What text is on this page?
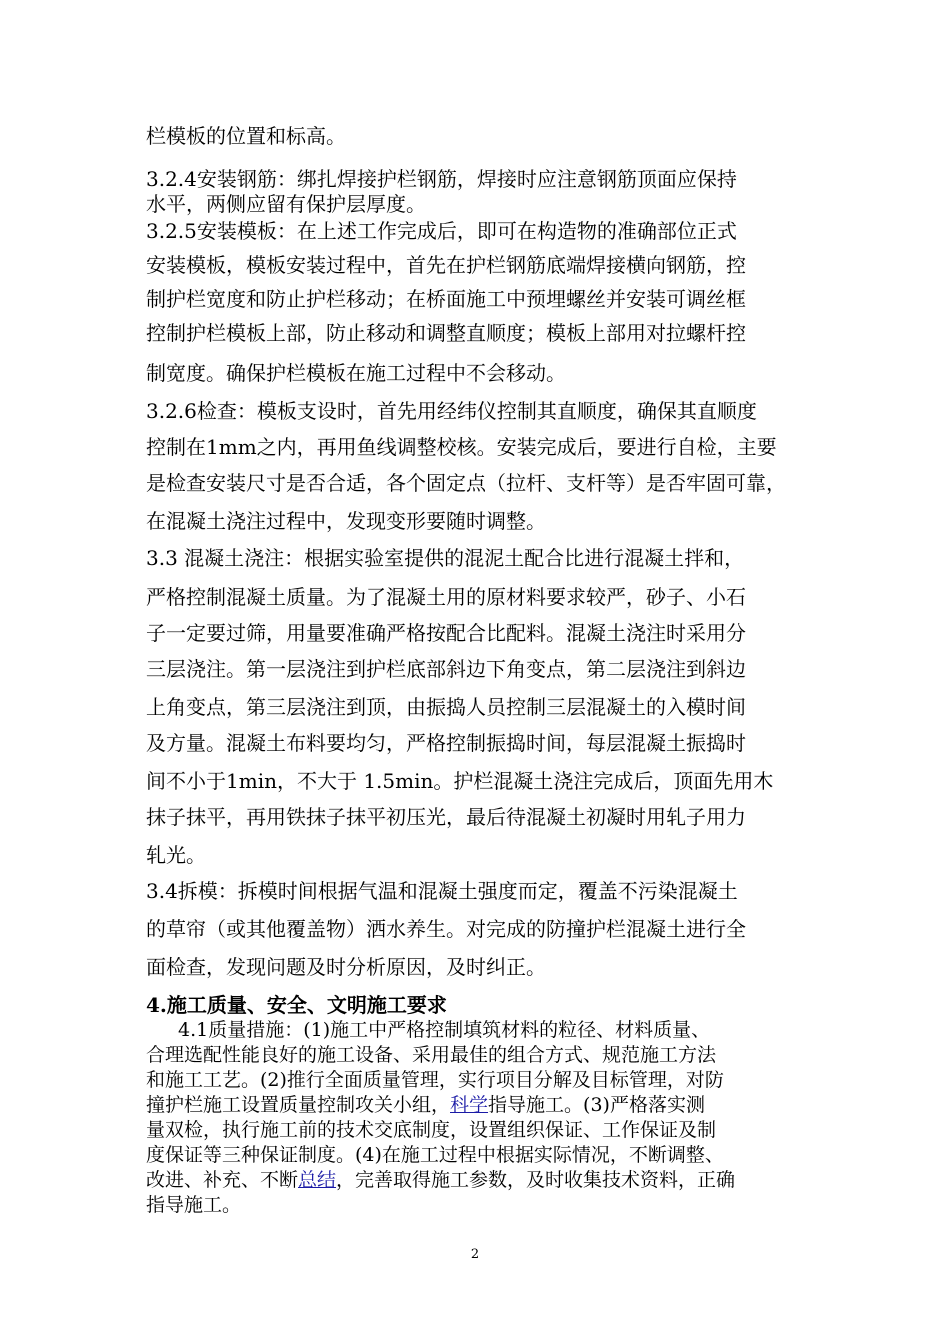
栏模板的位置和标高。
3.2.4安装钢筋：绑扎焊接护栏钢筋，焊接时应注意钢筋顶面应保持
水平，两侧应留有保护层厚度。
3.2.5安装模板：在上述工作完成后，即可在构造物的准确部位正式
安装模板，模板安装过程中，首先在护栏钢筋底端焊接横向钢筋，控
制护栏宽度和防止护栏移动；在桥面施工中预埋螺丝并安装可调丝框
控制护栏模板上部，防止移动和调整直顺度；模板上部用对拉螺杆控
制宽度。确保护栏模板在施工过程中不会移动。
3.2.6检查：模板支设时，首先用经纬仪控制其直顺度，确保其直顺度
控制在1mm之内，再用鱼线调整校核。安装完成后，要进行自检，主要
是检查安装尺寸是否合适，各个固定点（拉杆、支杆等）是否牢固可靠，
在混凝土浇注过程中，发现变形要随时调整。
3.3 混凝土浇注：根据实验室提供的混泥土配合比进行混凝土拌和，
严格控制混凝土质量。为了混凝土用的原材料要求较严，砂子、小石
子一定要过筛，用量要准确严格按配合比配料。混凝土浇注时采用分
三层浇注。第一层浇注到护栏底部斜边下角变点，第二层浇注到斜边
上角变点，第三层浇注到顶，由振捣人员控制三层混凝土的入模时间
及方量。混凝土布料要均匀，严格控制振捣时间，每层混凝土振捣时
间不小于1min，不大于 1.5min。护栏混凝土浇注完成后，顶面先用木
抹子抹平，再用铁抹子抹平初压光，最后待混凝土初凝时用轧子用力
轧光。
3.4拆模：拆模时间根据气温和混凝土强度而定，覆盖不污染混凝土
的草帘（或其他覆盖物）洒水养生。对完成的防撞护栏混凝土进行全
面检查，发现问题及时分析原因，及时纠正。
4.施工质量、安全、文明施工要求
4.1质量措施：(1)施工中严格控制填筑材料的粒径、材料质量、
合理选配性能良好的施工设备、采用最佳的组合方式、规范施工方法
和施工工艺。(2)推行全面质量管理，实行项目分解及目标管理，对防
撞护栏施工设置质量控制攻关小组，科学指导施工。(3)严格落实测
量双检，执行施工前的技术交底制度，设置组织保证、工作保证及制
度保证等三种保证制度。(4)在施工过程中根据实际情况，不断调整、
改进、补充、不断总结，完善取得施工参数，及时收集技术资料，正确
指导施工。
2
